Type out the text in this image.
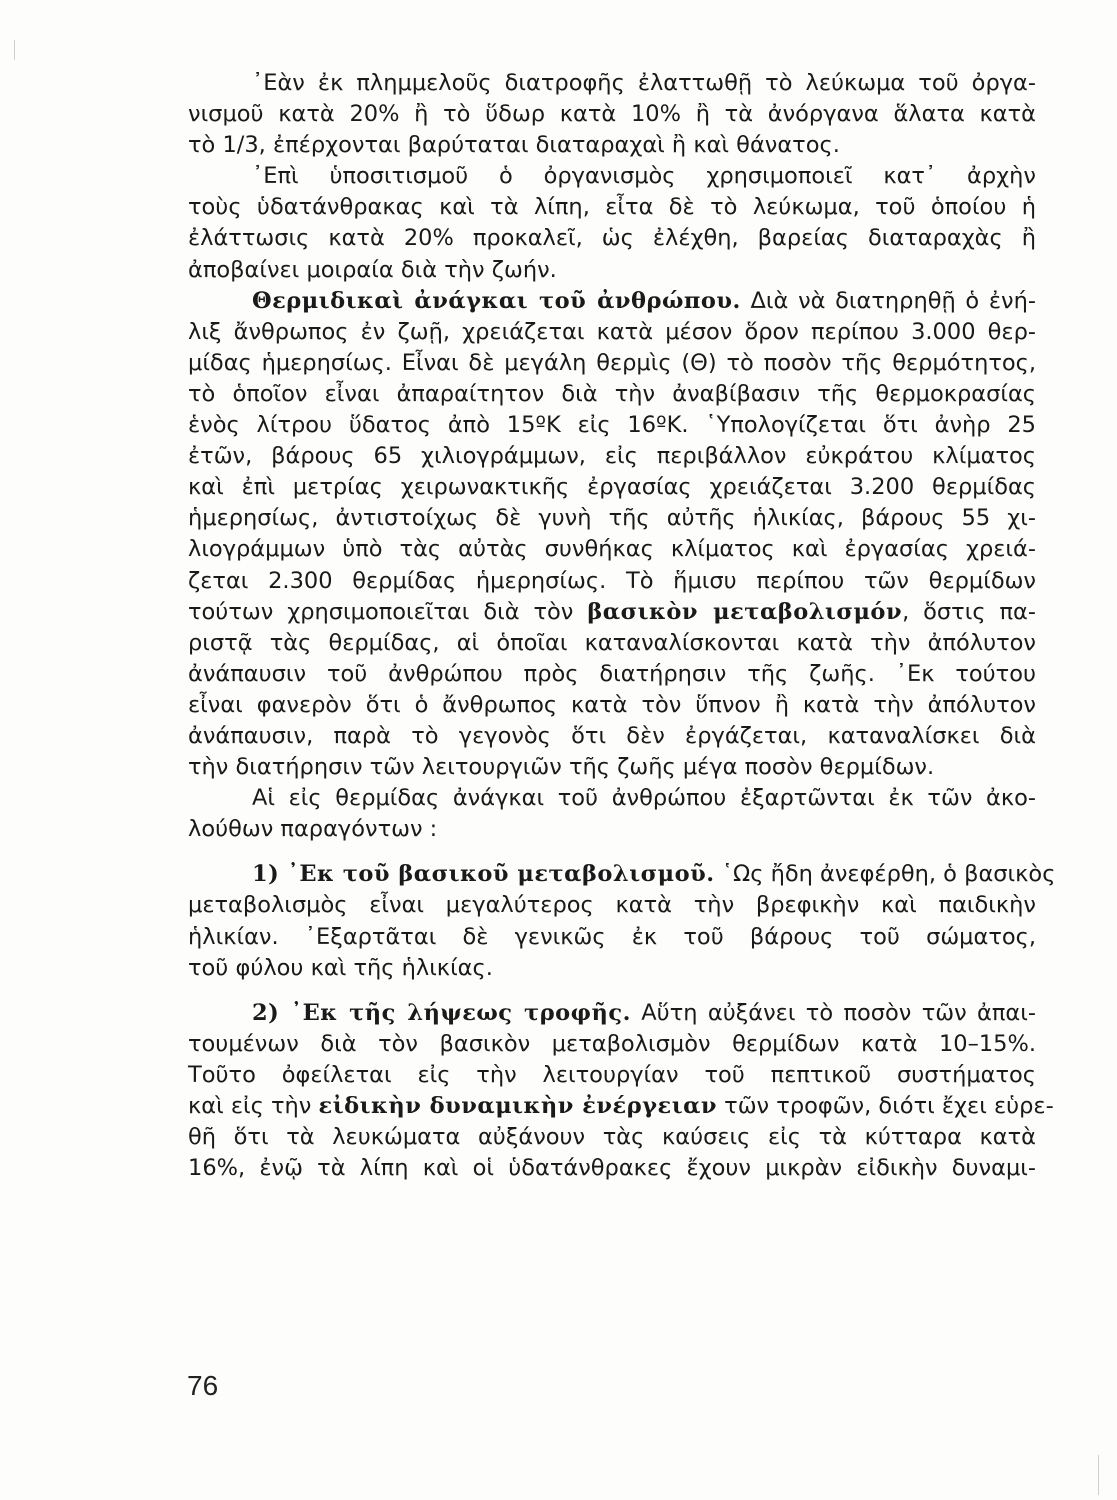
᾿Εὰν ἐκ πλημμελοῦς διατροφῆς ἐλαττωθῇ τὸ λεύκωμα τοῦ ὀργα-
νισμοῦ κατὰ 20% ἢ τὸ ὕδωρ κατὰ 10% ἢ τὰ ἀνόργανα ἅλατα κατὰ
τὸ 1/3, ἐπέρχονται βαρύταται διαταραχαὶ ἢ καὶ θάνατος.
᾿Επὶ ὑποσιτισμοῦ ὁ ὀργανισμὸς χρησιμοποιεῖ κατ᾿ ἀρχὴν
τοὺς ὑδατάνθρακας καὶ τὰ λίπη, εἶτα δὲ τὸ λεύκωμα, τοῦ ὁποίου ἡ
ἐλάττωσις κατὰ 20% προκαλεῖ, ὡς ἐλέχθη, βαρείας διαταραχὰς ἢ
ἀποβαίνει μοιραία διὰ τὴν ζωήν.
Θερμιδικαὶ ἀνάγκαι τοῦ ἀνθρώπου. Διὰ νὰ διατηρηθῇ ὁ ἐνή-
λιξ ἄνθρωπος ἐν ζωῇ, χρειάζεται κατὰ μέσον ὅρον περίπου 3.000 θερ-
μίδας ἡμερησίως. Εἶναι δὲ μεγάλη θερμὶς (Θ) τὸ ποσὸν τῆς θερμότητος,
τὸ ὁποῖον εἶναι ἀπαραίτητον διὰ τὴν ἀναβίβασιν τῆς θερμοκρασίας
ἑνὸς λίτρου ὕδατος ἀπὸ 15ºK εἰς 16ºK. ῾Υπολογίζεται ὅτι ἀνὴρ 25
ἐτῶν, βάρους 65 χιλιογράμμων, εἰς περιβάλλον εὐκράτου κλίματος
καὶ ἐπὶ μετρίας χειρωνακτικῆς ἐργασίας χρειάζεται 3.200 θερμίδας
ἡμερησίως, ἀντιστοίχως δὲ γυνὴ τῆς αὐτῆς ἡλικίας, βάρους 55 χι-
λιογράμμων ὑπὸ τὰς αὐτὰς συνθήκας κλίματος καὶ ἐργασίας χρειά-
ζεται 2.300 θερμίδας ἡμερησίως. Τὸ ἥμισυ περίπου τῶν θερμίδων
τούτων χρησιμοποιεῖται διὰ τὸν βασικὸν μεταβολισμόν, ὅστις πα-
ριστᾷ τὰς θερμίδας, αἱ ὁποῖαι καταναλίσκονται κατὰ τὴν ἀπόλυτον
ἀνάπαυσιν τοῦ ἀνθρώπου πρὸς διατήρησιν τῆς ζωῆς. ᾿Εκ τούτου
εἶναι φανερὸν ὅτι ὁ ἄνθρωπος κατὰ τὸν ὕπνον ἢ κατὰ τὴν ἀπόλυτον
ἀνάπαυσιν, παρὰ τὸ γεγονὸς ὅτι δὲν ἐργάζεται, καταναλίσκει διὰ
τὴν διατήρησιν τῶν λειτουργιῶν τῆς ζωῆς μέγα ποσὸν θερμίδων.
Αἱ εἰς θερμίδας ἀνάγκαι τοῦ ἀνθρώπου ἐξαρτῶνται ἐκ τῶν ἀκο-
λούθων παραγόντων :
1) ᾿Εκ τοῦ βασικοῦ μεταβολισμοῦ. ῾Ως ἤδη ἀνεφέρθη, ὁ βασικὸς
μεταβολισμὸς εἶναι μεγαλύτερος κατὰ τὴν βρεφικὴν καὶ παιδικὴν
ἡλικίαν. ᾿Εξαρτᾶται δὲ γενικῶς ἐκ τοῦ βάρους τοῦ σώματος,
τοῦ φύλου καὶ τῆς ἡλικίας.
2) ᾿Εκ τῆς λήψεως τροφῆς. Αὕτη αὐξάνει τὸ ποσὸν τῶν ἀπαι-
τουμένων διὰ τὸν βασικὸν μεταβολισμὸν θερμίδων κατὰ 10–15%.
Τοῦτο ὀφείλεται εἰς τὴν λειτουργίαν τοῦ πεπτικοῦ συστήματος
καὶ εἰς τὴν εἰδικὴν δυναμικὴν ἐνέργειαν τῶν τροφῶν, διότι ἔχει εὑρε-
θῆ ὅτι τὰ λευκώματα αὐξάνουν τὰς καύσεις εἰς τὰ κύτταρα κατὰ
16%, ἐνῷ τὰ λίπη καὶ οἱ ὑδατάνθρακες ἔχουν μικρὰν εἰδικὴν δυναμι-
76
